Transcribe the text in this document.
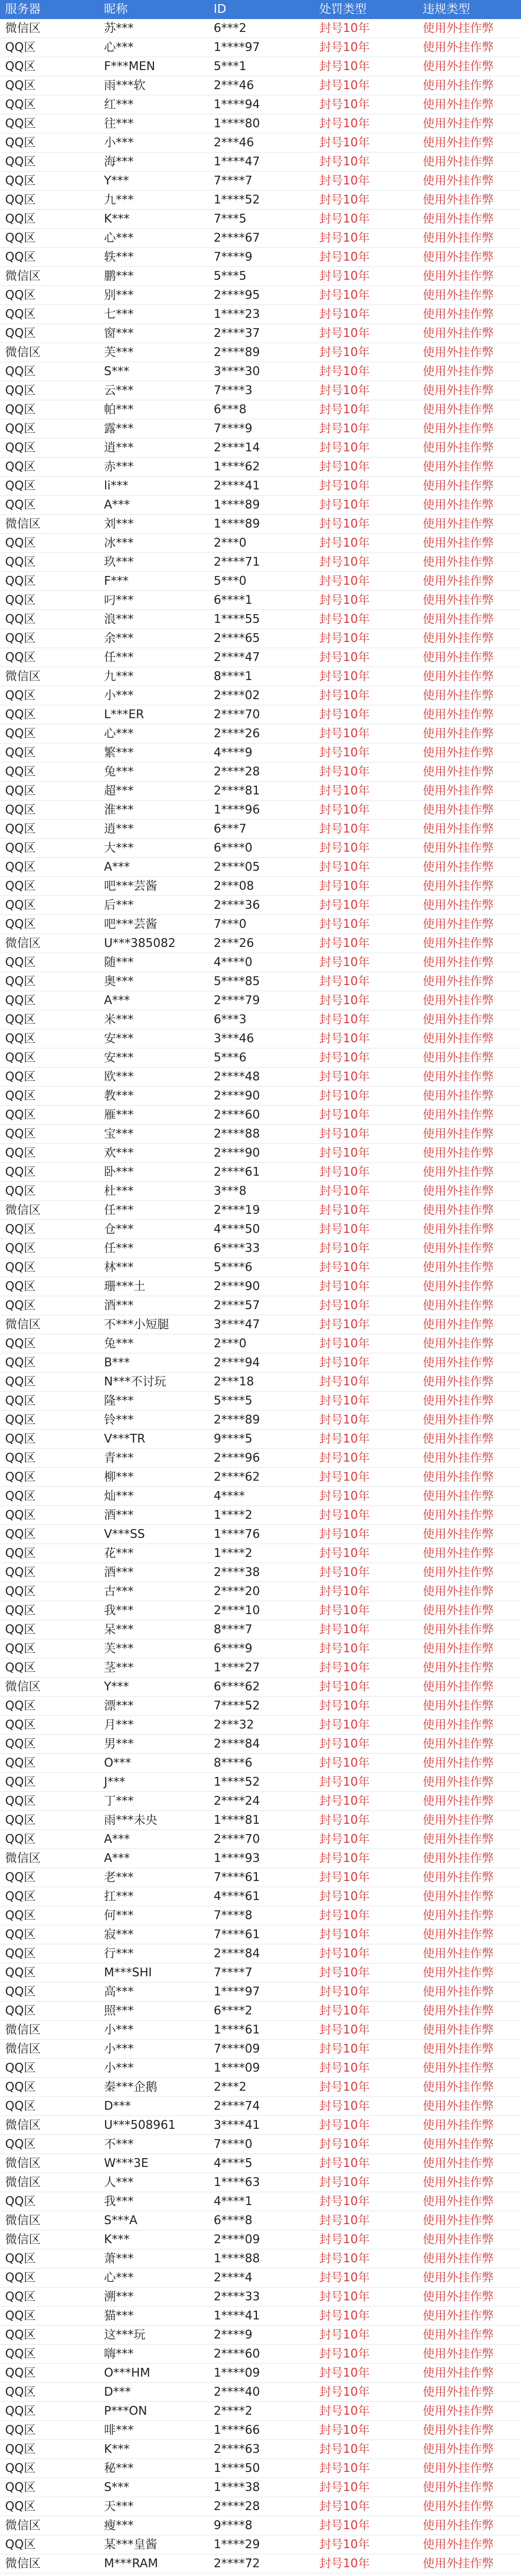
服务器	昵称	ID	处罚类型	违规类型
微信区	苏***	6***2	封号10年	使用外挂作弊
QQ区	心***	1****97	封号10年	使用外挂作弊
QQ区	F***MEN	5***1	封号10年	使用外挂作弊
QQ区	雨***软	2***46	封号10年	使用外挂作弊
QQ区	红***	1****94	封号10年	使用外挂作弊
QQ区	往***	1****80	封号10年	使用外挂作弊
QQ区	小***	2***46	封号10年	使用外挂作弊
QQ区	海***	1****47	封号10年	使用外挂作弊
QQ区	Y***	7****7	封号10年	使用外挂作弊
QQ区	九***	1****52	封号10年	使用外挂作弊
QQ区	K***	7***5	封号10年	使用外挂作弊
QQ区	心***	2****67	封号10年	使用外挂作弊
QQ区	轶***	7****9	封号10年	使用外挂作弊
微信区	鹏***	5***5	封号10年	使用外挂作弊
QQ区	别***	2****95	封号10年	使用外挂作弊
QQ区	七***	1****23	封号10年	使用外挂作弊
QQ区	窗***	2****37	封号10年	使用外挂作弊
微信区	芙***	2****89	封号10年	使用外挂作弊
QQ区	S***	3****30	封号10年	使用外挂作弊
QQ区	云***	7****3	封号10年	使用外挂作弊
QQ区	帕***	6***8	封号10年	使用外挂作弊
QQ区	露***	7****9	封号10年	使用外挂作弊
QQ区	逍***	2****14	封号10年	使用外挂作弊
QQ区	赤***	1****62	封号10年	使用外挂作弊
QQ区	li***	2****41	封号10年	使用外挂作弊
QQ区	A***	1****89	封号10年	使用外挂作弊
微信区	刘***	1****89	封号10年	使用外挂作弊
QQ区	冰***	2***0	封号10年	使用外挂作弊
QQ区	玖***	2****71	封号10年	使用外挂作弊
QQ区	F***	5***0	封号10年	使用外挂作弊
QQ区	叼***	6****1	封号10年	使用外挂作弊
QQ区	浪***	1****55	封号10年	使用外挂作弊
QQ区	余***	2****65	封号10年	使用外挂作弊
QQ区	任***	2****47	封号10年	使用外挂作弊
微信区	九***	8****1	封号10年	使用外挂作弊
QQ区	小***	2****02	封号10年	使用外挂作弊
QQ区	L***ER	2****70	封号10年	使用外挂作弊
QQ区	心***	2****26	封号10年	使用外挂作弊
QQ区	繁***	4****9	封号10年	使用外挂作弊
QQ区	兔***	2****28	封号10年	使用外挂作弊
QQ区	超***	2****81	封号10年	使用外挂作弊
QQ区	淮***	1****96	封号10年	使用外挂作弊
QQ区	逍***	6***7	封号10年	使用外挂作弊
QQ区	大***	6****0	封号10年	使用外挂作弊
QQ区	A***	2****05	封号10年	使用外挂作弊
QQ区	吧***芸酱	2***08	封号10年	使用外挂作弊
QQ区	后***	2****36	封号10年	使用外挂作弊
QQ区	吧***芸酱	7***0	封号10年	使用外挂作弊
微信区	U***385082	2***26	封号10年	使用外挂作弊
QQ区	随***	4****0	封号10年	使用外挂作弊
QQ区	奥***	5****85	封号10年	使用外挂作弊
QQ区	A***	2****79	封号10年	使用外挂作弊
QQ区	米***	6***3	封号10年	使用外挂作弊
QQ区	安***	3***46	封号10年	使用外挂作弊
QQ区	安***	5***6	封号10年	使用外挂作弊
QQ区	欧***	2****48	封号10年	使用外挂作弊
QQ区	教***	2****90	封号10年	使用外挂作弊
QQ区	雁***	2****60	封号10年	使用外挂作弊
QQ区	宝***	2****88	封号10年	使用外挂作弊
QQ区	欢***	2****90	封号10年	使用外挂作弊
QQ区	卧***	2****61	封号10年	使用外挂作弊
QQ区	杜***	3***8	封号10年	使用外挂作弊
微信区	任***	2****19	封号10年	使用外挂作弊
QQ区	仓***	4****50	封号10年	使用外挂作弊
QQ区	任***	6****33	封号10年	使用外挂作弊
QQ区	林***	5****6	封号10年	使用外挂作弊
QQ区	珊***土	2****90	封号10年	使用外挂作弊
QQ区	酒***	2****57	封号10年	使用外挂作弊
微信区	不***小短腿	3****47	封号10年	使用外挂作弊
QQ区	兔***	2***0	封号10年	使用外挂作弊
QQ区	B***	2****94	封号10年	使用外挂作弊
QQ区	N***不讨玩	2***18	封号10年	使用外挂作弊
QQ区	隆***	5****5	封号10年	使用外挂作弊
QQ区	铃***	2****89	封号10年	使用外挂作弊
QQ区	V***TR	9****5	封号10年	使用外挂作弊
QQ区	青***	2****96	封号10年	使用外挂作弊
QQ区	柳***	2****62	封号10年	使用外挂作弊
QQ区	灿***	4****	封号10年	使用外挂作弊
QQ区	酒***	1****2	封号10年	使用外挂作弊
QQ区	V***SS	1****76	封号10年	使用外挂作弊
QQ区	花***	1****2	封号10年	使用外挂作弊
QQ区	酒***	2****38	封号10年	使用外挂作弊
QQ区	古***	2****20	封号10年	使用外挂作弊
QQ区	我***	2****10	封号10年	使用外挂作弊
QQ区	呆***	8****7	封号10年	使用外挂作弊
QQ区	芙***	6****9	封号10年	使用外挂作弊
QQ区	茎***	1****27	封号10年	使用外挂作弊
微信区	Y***	6****62	封号10年	使用外挂作弊
QQ区	漂***	7****52	封号10年	使用外挂作弊
QQ区	月***	2***32	封号10年	使用外挂作弊
QQ区	男***	2****84	封号10年	使用外挂作弊
QQ区	O***	8****6	封号10年	使用外挂作弊
QQ区	J***	1****52	封号10年	使用外挂作弊
QQ区	丁***	2****24	封号10年	使用外挂作弊
QQ区	雨***未央	1****81	封号10年	使用外挂作弊
QQ区	A***	2****70	封号10年	使用外挂作弊
微信区	A***	1****93	封号10年	使用外挂作弊
QQ区	老***	7****61	封号10年	使用外挂作弊
QQ区	扛***	4****61	封号10年	使用外挂作弊
QQ区	何***	7****8	封号10年	使用外挂作弊
QQ区	寂***	7****61	封号10年	使用外挂作弊
QQ区	行***	2****84	封号10年	使用外挂作弊
QQ区	M***SHI	7****7	封号10年	使用外挂作弊
QQ区	高***	1****97	封号10年	使用外挂作弊
QQ区	照***	6****2	封号10年	使用外挂作弊
微信区	小***	1****61	封号10年	使用外挂作弊
微信区	小***	7****09	封号10年	使用外挂作弊
QQ区	小***	1****09	封号10年	使用外挂作弊
QQ区	秦***企鹅	2***2	封号10年	使用外挂作弊
QQ区	D***	2****74	封号10年	使用外挂作弊
微信区	U***508961	3****41	封号10年	使用外挂作弊
QQ区	不***	7****0	封号10年	使用外挂作弊
微信区	W***3E	4****5	封号10年	使用外挂作弊
微信区	人***	1****63	封号10年	使用外挂作弊
QQ区	我***	4****1	封号10年	使用外挂作弊
微信区	S***A	6****8	封号10年	使用外挂作弊
微信区	K***	2****09	封号10年	使用外挂作弊
QQ区	萧***	1****88	封号10年	使用外挂作弊
QQ区	心***	2****4	封号10年	使用外挂作弊
QQ区	溯***	2****33	封号10年	使用外挂作弊
QQ区	猫***	1****41	封号10年	使用外挂作弊
QQ区	这***玩	2****9	封号10年	使用外挂作弊
QQ区	嗨***	2****60	封号10年	使用外挂作弊
QQ区	O***HM	1****09	封号10年	使用外挂作弊
QQ区	D***	2****40	封号10年	使用外挂作弊
QQ区	P***ON	2****2	封号10年	使用外挂作弊
QQ区	啡***	1****66	封号10年	使用外挂作弊
QQ区	K***	2****63	封号10年	使用外挂作弊
QQ区	秘***	1****50	封号10年	使用外挂作弊
QQ区	S***	1****38	封号10年	使用外挂作弊
QQ区	天***	2****28	封号10年	使用外挂作弊
微信区	瘦***	9****8	封号10年	使用外挂作弊
QQ区	某***皇酱	1****29	封号10年	使用外挂作弊
微信区	M***RAM	2****72	封号10年	使用外挂作弊
